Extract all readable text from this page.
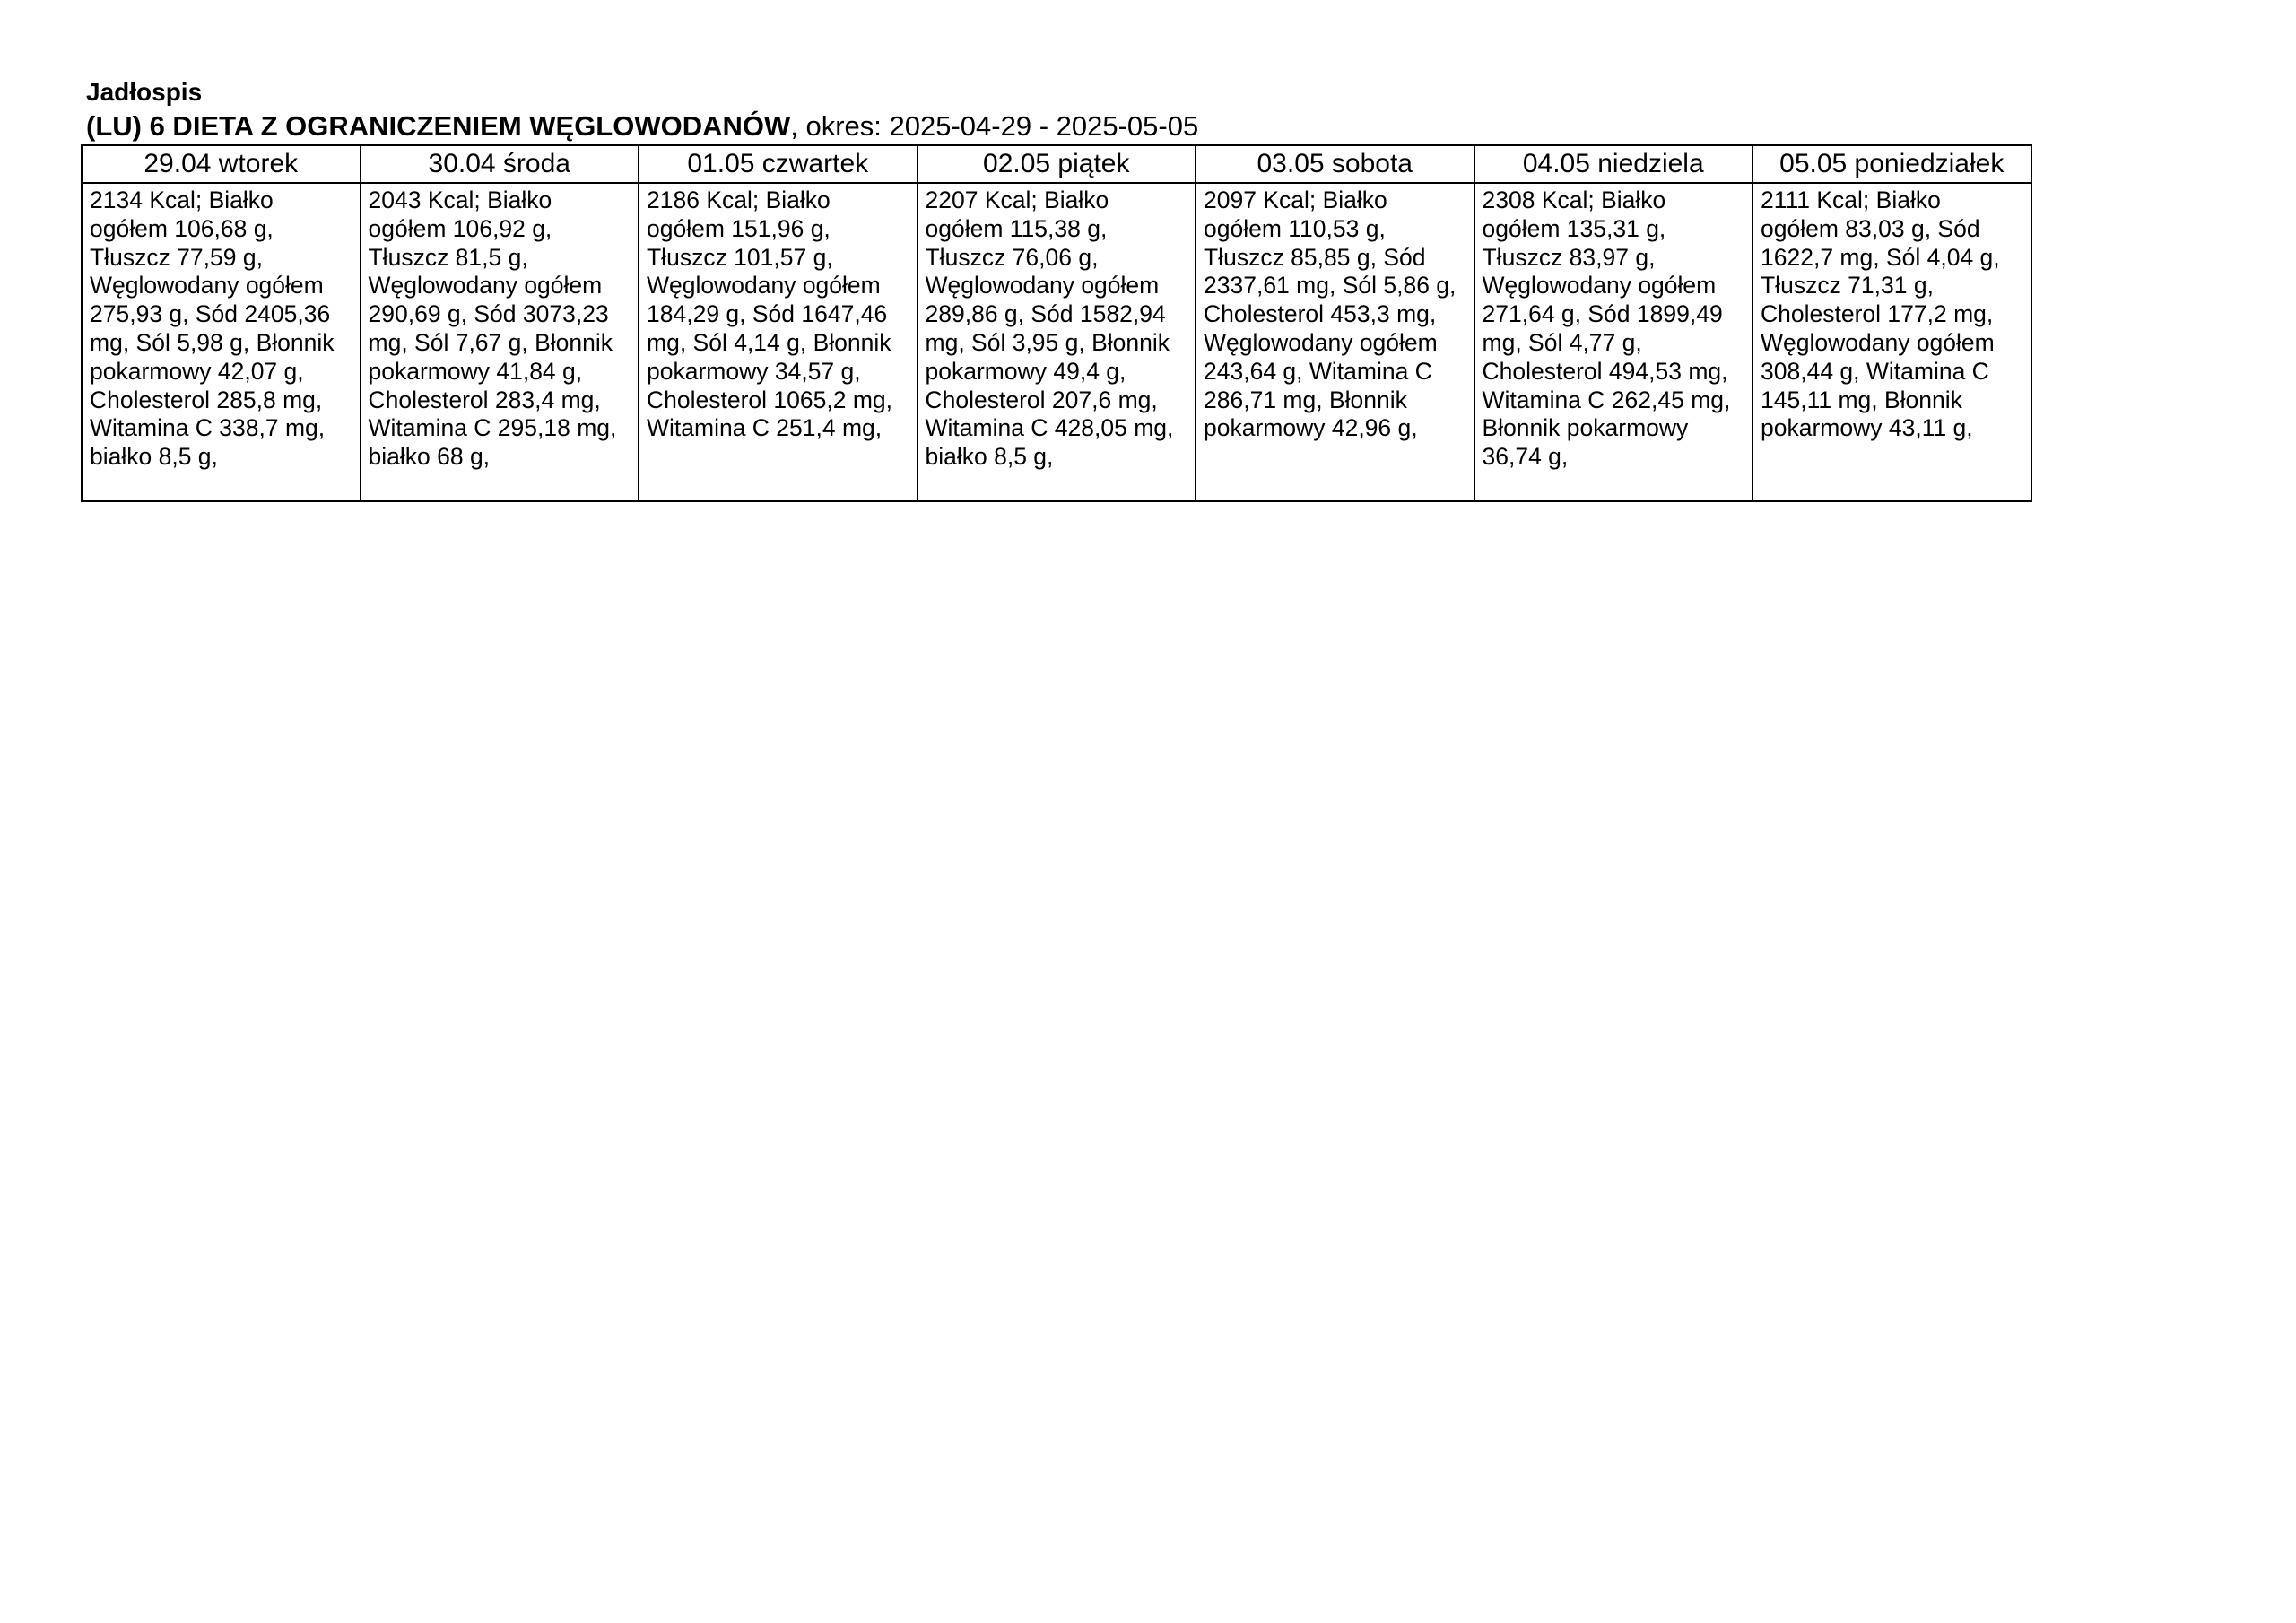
Jadłospis
(LU) 6 DIETA Z OGRANICZENIEM WĘGLOWODANÓW, okres: 2025-04-29 - 2025-05-05
29.04 wtorek	30.04 środa	01.05 czwartek	02.05 piątek	03.05 sobota	04.05 niedziela	05.05 poniedziałek
2134 Kcal; Białko ogółem 106,68 g, Tłuszcz 77,59 g, Węglowodany ogółem 275,93 g, Sód 2405,36 mg, Sól 5,98 g, Błonnik pokarmowy 42,07 g, Cholesterol 285,8 mg, Witamina C 338,7 mg, białko 8,5 g,	2043 Kcal; Białko ogółem 106,92 g, Tłuszcz 81,5 g, Węglowodany ogółem 290,69 g, Sód 3073,23 mg, Sól 7,67 g, Błonnik pokarmowy 41,84 g, Cholesterol 283,4 mg, Witamina C 295,18 mg, białko 68 g,	2186 Kcal; Białko ogółem 151,96 g, Tłuszcz 101,57 g, Węglowodany ogółem 184,29 g, Sód 1647,46 mg, Sól 4,14 g, Błonnik pokarmowy 34,57 g, Cholesterol 1065,2 mg, Witamina C 251,4 mg,	2207 Kcal; Białko ogółem 115,38 g, Tłuszcz 76,06 g, Węglowodany ogółem 289,86 g, Sód 1582,94 mg, Sól 3,95 g, Błonnik pokarmowy 49,4 g, Cholesterol 207,6 mg, Witamina C 428,05 mg, białko 8,5 g,	2097 Kcal; Białko ogółem 110,53 g, Tłuszcz 85,85 g, Sód 2337,61 mg, Sól 5,86 g, Cholesterol 453,3 mg, Węglowodany ogółem 243,64 g, Witamina C 286,71 mg, Błonnik pokarmowy 42,96 g,	2308 Kcal; Białko ogółem 135,31 g, Tłuszcz 83,97 g, Węglowodany ogółem 271,64 g, Sód 1899,49 mg, Sól 4,77 g, Cholesterol 494,53 mg, Witamina C 262,45 mg, Błonnik pokarmowy 36,74 g,	2111 Kcal; Białko ogółem 83,03 g, Sód 1622,7 mg, Sól 4,04 g, Tłuszcz 71,31 g, Cholesterol 177,2 mg, Węglowodany ogółem 308,44 g, Witamina C 145,11 mg, Błonnik pokarmowy 43,11 g,
